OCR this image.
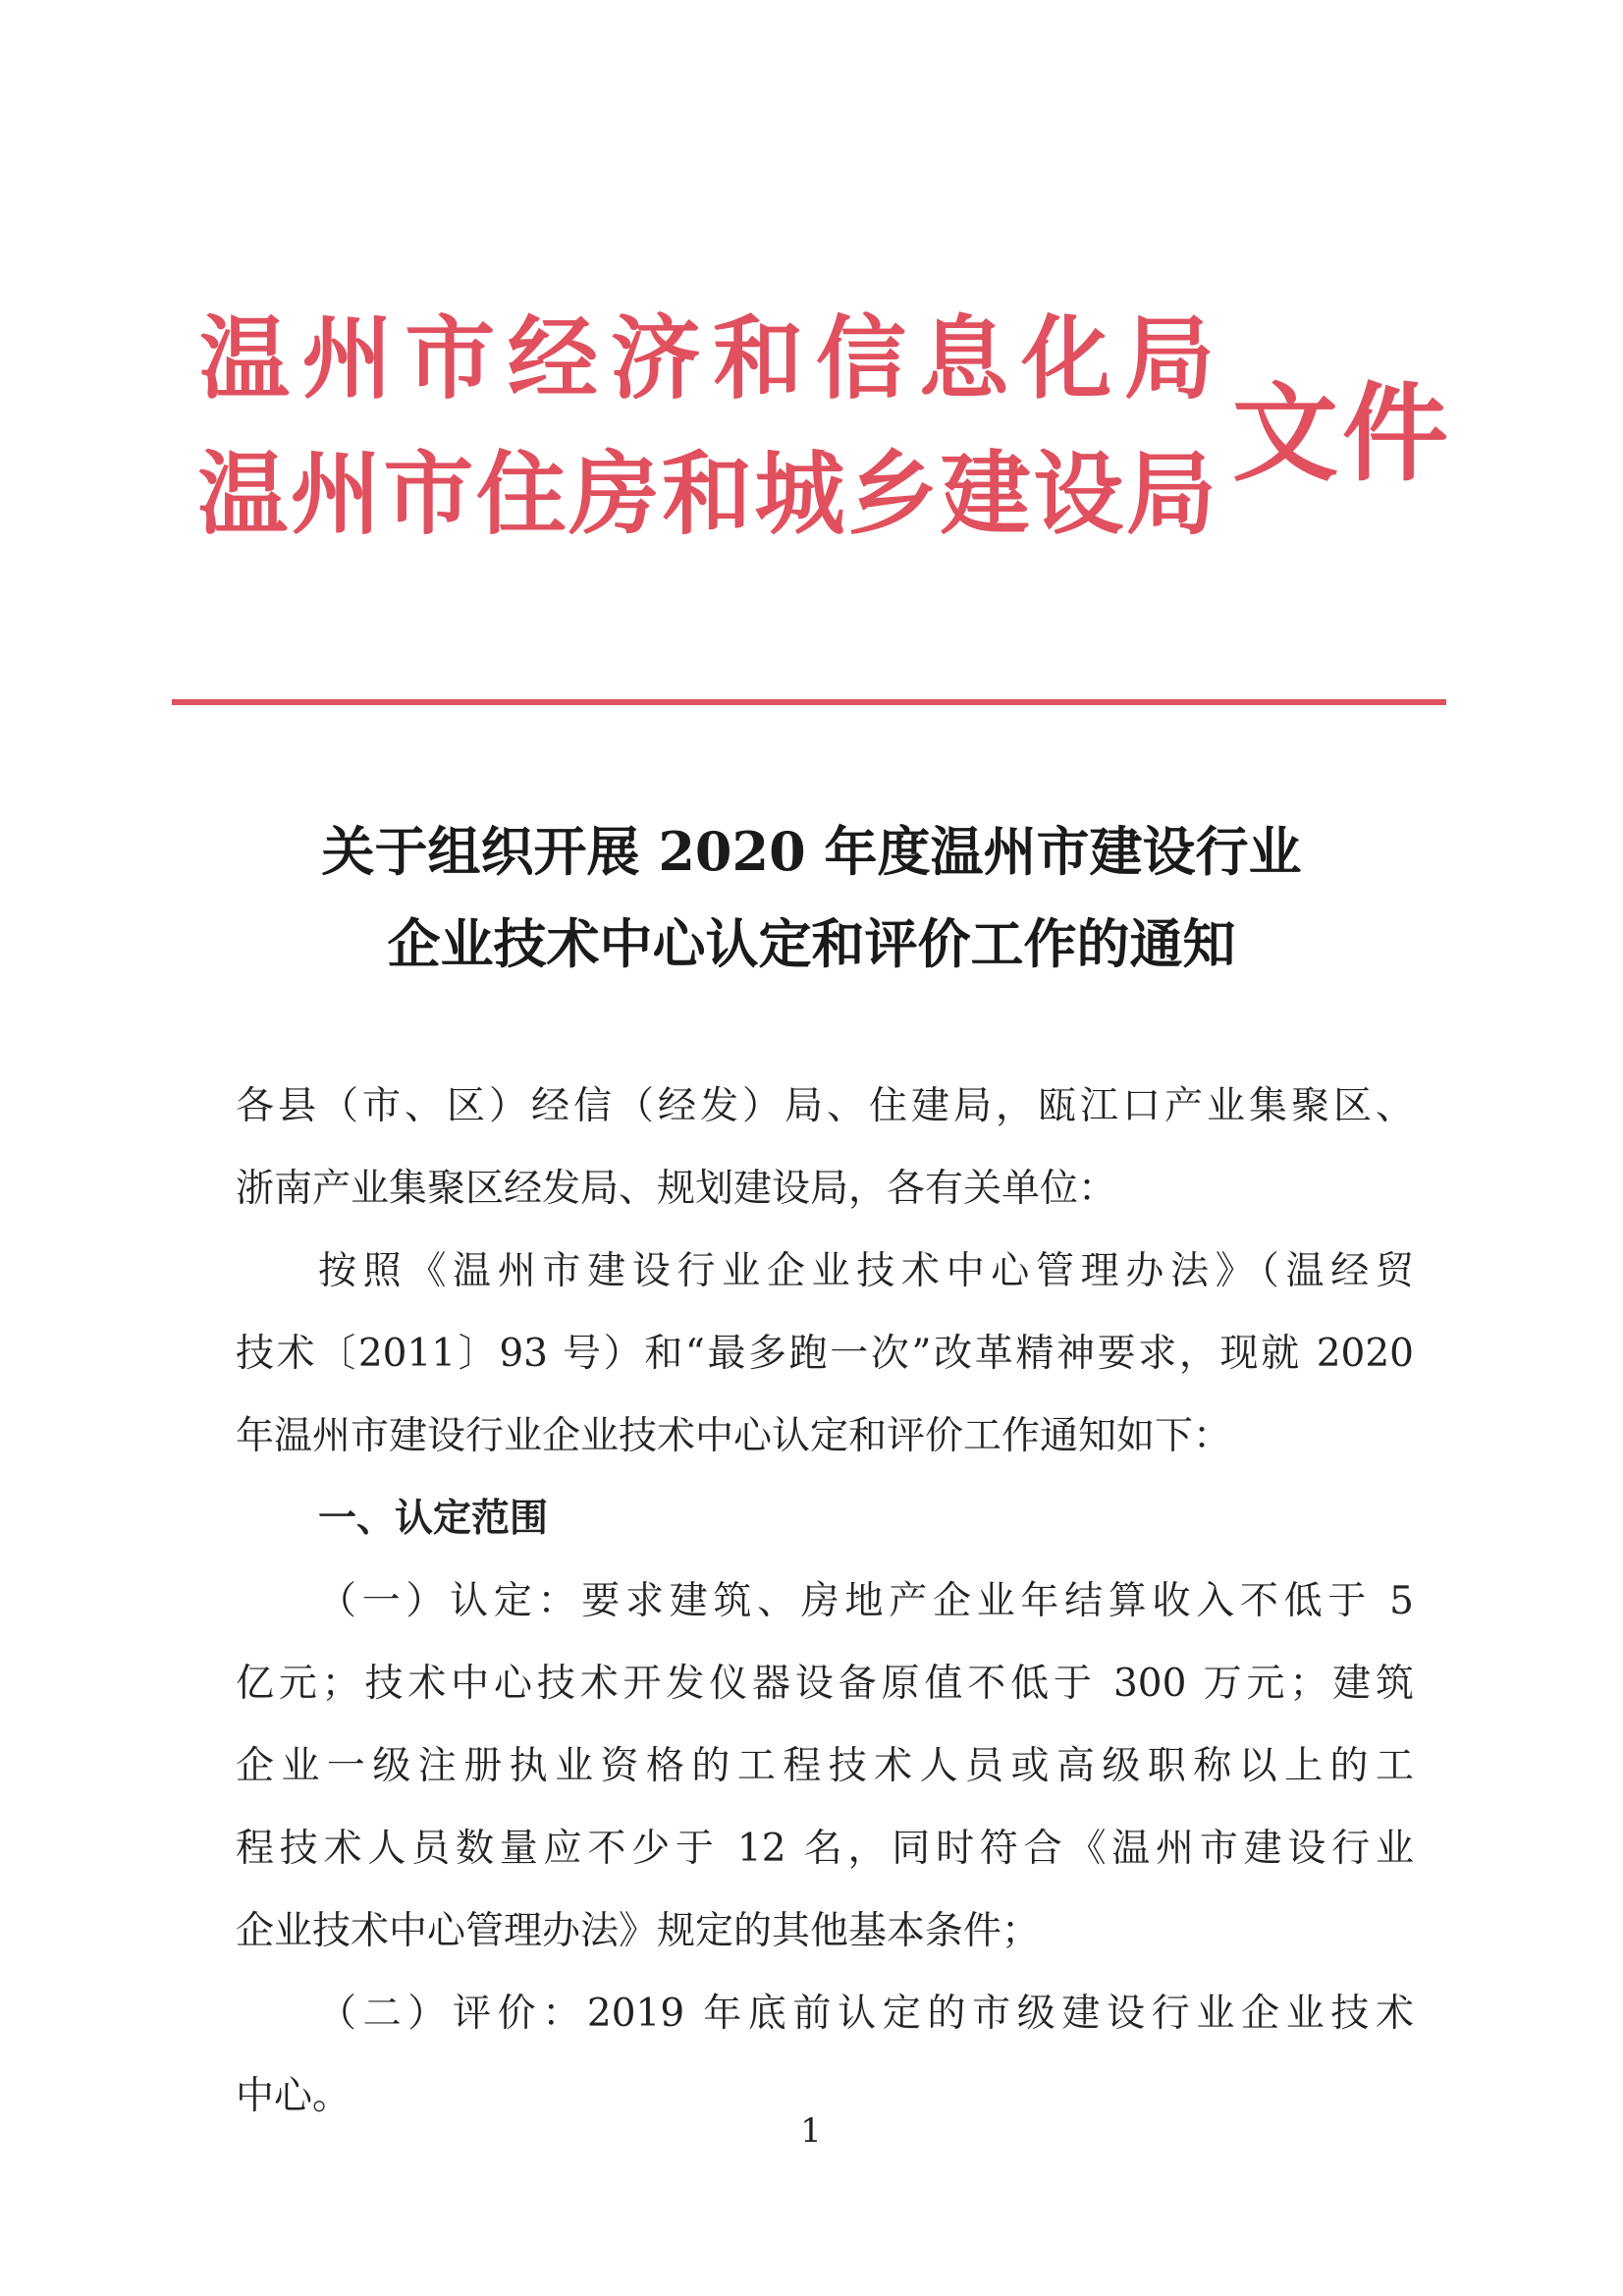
温 州 市 经 济 和 信 息 化 局
温 州 市 住 房 和 城 乡 建 设 局 文件
关于组织开展 2020 年度温州市建设行业
企业技术中心认定和评价工作的通知
各县（市、区）经信（经发）局、住建局，瓯江口产业集聚区、
浙南产业集聚区经发局、规划建设局，各有关单位：
按照《温州市建设行业企业技术中心管理办法》（温经贸
技术〔2011〕93 号）和“最多跑一次”改革精神要求，现就 2020
年温州市建设行业企业技术中心认定和评价工作通知如下：
一、认定范围
（一）认定：要求建筑、房地产企业年结算收入不低于 5
亿元；技术中心技术开发仪器设备原值不低于 300 万元；建筑
企业一级注册执业资格的工程技术人员或高级职称以上的工
程技术人员数量应不少于 12 名，同时符合《温州市建设行业
企业技术中心管理办法》规定的其他基本条件；
（二）评价：2019 年底前认定的市级建设行业企业技术
中心。
1
